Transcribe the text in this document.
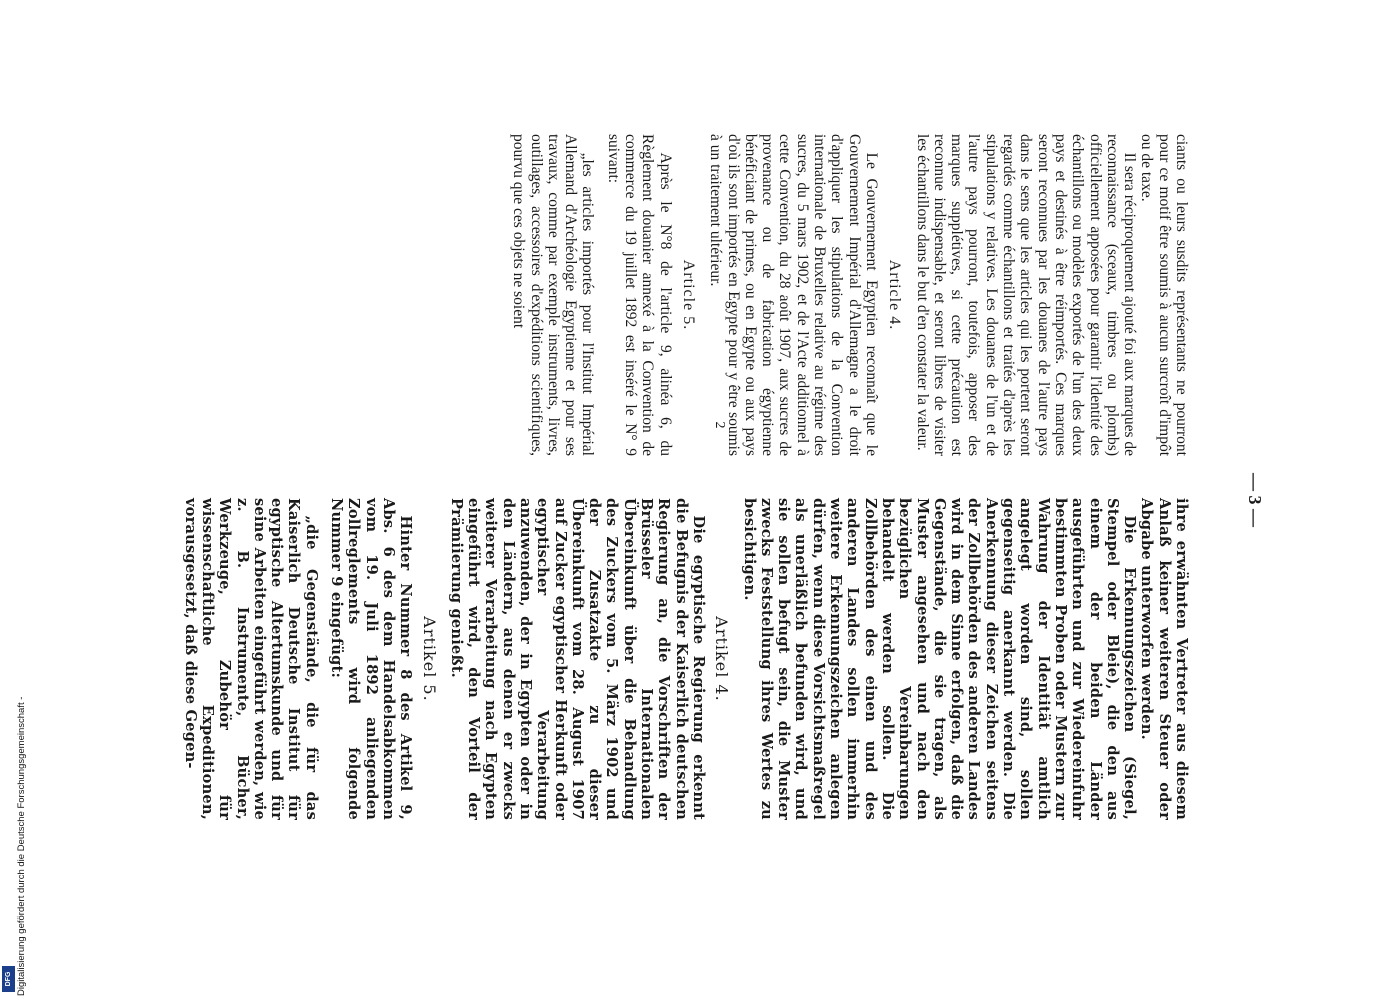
— 3 —

ciants ou leurs susdits représentants ne pourront pour ce motif être soumis à aucun surcroît d'impôt ou de taxe.

Il sera réciproquement ajouté foi aux marques de reconnaissance (sceaux, timbres ou plombs) officiellement apposées pour garantir l'identité des échantillons ou modèles exportés de l'un des deux pays et destinés à être réimportés. Ces marques seront reconnues par les douanes de l'autre pays dans le sens que les articles qui les portent seront regardés comme échantillons et traités d'après les stipulations y relatives. Les douanes de l'un et de l'autre pays pourront, toutefois, apposer des marques supplétives, si cette précaution est reconnue indispensable, et seront libres de visiter les échantillons dans le but d'en constater la valeur.

Article 4.

Le Gouvernement Egyptien reconnaît que le Gouvernement Impérial d'Allemagne a le droit d'appliquer les stipulations de la Convention internationale de Bruxelles relative au régime des sucres, du 5 mars 1902, et de l'Acte additionnel à cette Convention, du 28 août 1907, aux sucres de provenance ou de fabrication égyptienne bénéficiant de primes, ou en Egypte ou aux pays d'où ils sont importés en Egypte pour y être soumis à un traitement ultérieur.

Article 5.

Après le N°8 de l'article 9, alinéa 6, du Règlement douanier annexé à la Convention de commerce du 19 juillet 1892 est inséré le N° 9 suivant:

„les articles importés pour l'Institut Impérial Allemand d'Archéologie Egyptienne et pour ses travaux, comme par exemple instruments, livres, outillages, accessoires d'expéditions scientifiques, pourvu que ces objets ne soient

ihre erwähnten Vertreter aus diesem Anlaß keiner weiteren Steuer oder Abgabe unterworfen werden.

Die Erkennungszeichen (Siegel, Stempel oder Bleie), die den aus einem der beiden Länder ausgeführten und zur Wiedereinfuhr bestimmten Proben oder Mustern zur Wahrung der Identität amtlich angelegt worden sind, sollen gegenseitig anerkannt werden. Die Anerkennung dieser Zeichen seitens der Zollbehörden des anderen Landes wird in dem Sinne erfolgen, daß die Gegenstände, die sie tragen, als Muster angesehen und nach den bezüglichen Vereinbarungen behandelt werden sollen. Die Zollbehörden des einen und des anderen Landes sollen immerhin weitere Erkennungszeichen anlegen dürfen, wenn diese Vorsichtsmaßregel als unerläßlich befunden wird, und sie sollen befugt sein, die Muster zwecks Feststellung ihres Wertes zu besichtigen.

Artikel 4.

Die egyptische Regierung erkennt die Befugnis der Kaiserlich deutschen Regierung an, die Vorschriften der Brüsseler Internationalen Übereinkunft über die Behandlung des Zuckers vom 5. März 1902 und der Zusatzakte zu dieser Übereinkunft vom 28. August 1907 auf Zucker egyptischer Herkunft oder egyptischer Verarbeitung anzuwenden, der in Egypten oder in den Ländern, aus denen er zwecks weiterer Verarbeitung nach Egypten eingeführt wird, den Vorteil der Prämiierung genießt.

Artikel 5.

Hinter Nummer 8 des Artikel 9, Abs. 6 des dem Handelsabkommen vom 19. Juli 1892 anliegenden Zollreglements wird folgende Nummer 9 eingefügt:

„die Gegenstände, die für das Kaiserlich Deutsche Institut für egyptische Altertumskunde und für seine Arbeiten eingeführt werden, wie z. B. Instrumente, Bücher, Werkzeuge, Zubehör für wissenschaftliche Expeditionen, vorausgesetzt, daß diese Gegen-

2
Digitalisierung gefördert durch die Deutsche Forschungsgemeinschaft -
DFG
